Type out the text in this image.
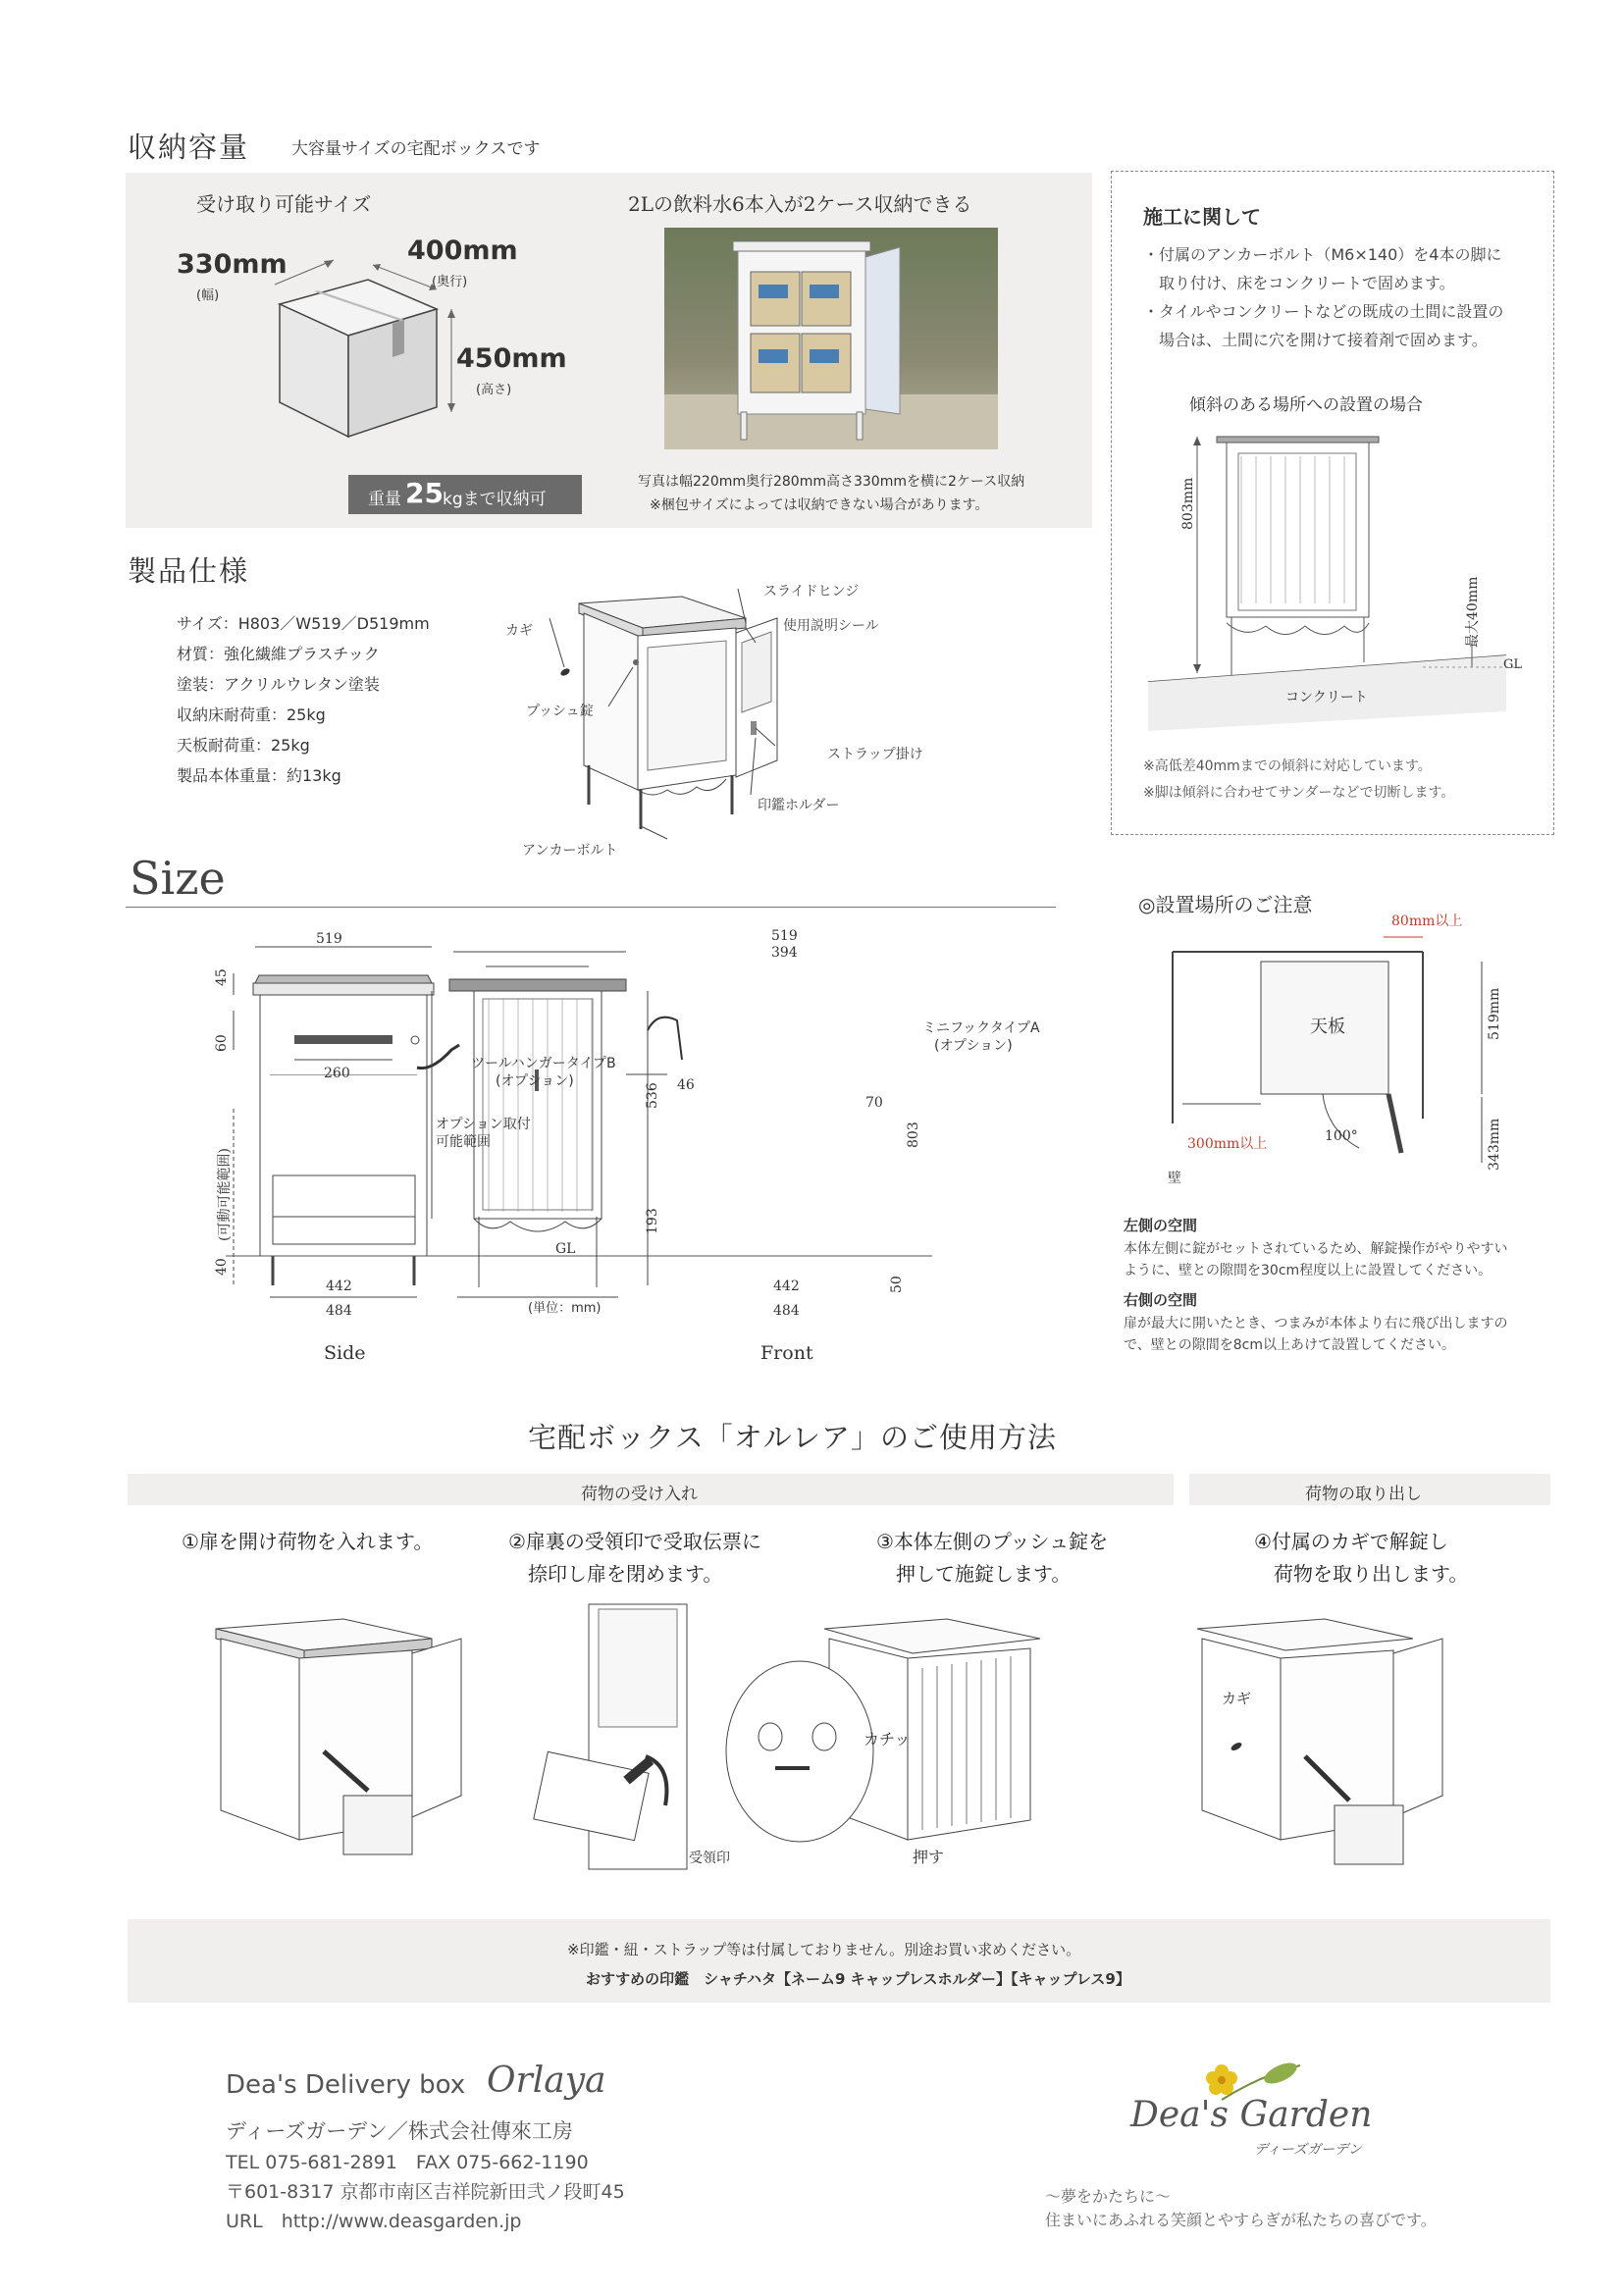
収納容量	大容量サイズの宅配ボックスです
受け取り可能サイズ
330mm
(幅)
400mm
(奥行)
450mm
(高さ)
重量 25 kgまで収納可
2Lの飲料水6本入が2ケース収納できる
写真は幅220mm奥行280mm高さ330mmを横に2ケース収納
※梱包サイズによっては収納できない場合があります。
施工に関して
・付属のアンカーボルト（M6×140）を4本の脚に
　取り付け、床をコンクリートで固めます。
・タイルやコンクリートなどの既成の土間に設置の
　場合は、土間に穴を開けて接着剤で固めます。
傾斜のある場所への設置の場合
803mm
最大40mm
GL
コンクリート
※高低差40mmまでの傾斜に対応しています。
※脚は傾斜に合わせてサンダーなどで切断します。
製品仕様
サイズ：H803／W519／D519mm
材質：強化繊維プラスチック
塗装：アクリルウレタン塗装
収納床耐荷重：25kg
天板耐荷重：25kg
製品本体重量：約13kg
スライドヒンジ
使用説明シール
カギ
プッシュ錠
ストラップ掛け
印鑑ホルダー
アンカーボルト
Size
519
45
60
260
(可動可能範囲)
40
442
484
GL
オプション取付
可能範囲
ツールハンガータイプB
(オプション)
ミニフックタイプA
(オプション)
519
394
46
70
536
193
803
442
484
50
(単位：mm)
Side	Front
◎設置場所のご注意
80mm以上
天板	519mm
343mm
300mm以上	100°
壁
左側の空間
本体左側に錠がセットされているため、解錠操作がやりやすい
ように、壁との隙間を30cm程度以上に設置してください。
右側の空間
扉が最大に開いたとき、つまみが本体より右に飛び出しますの
で、壁との隙間を8cm以上あけて設置してください。
宅配ボックス「オルレア」のご使用方法
荷物の受け入れ	荷物の取り出し
①扉を開け荷物を入れます。	②扉裏の受領印で受取伝票に
　捺印し扉を閉めます。
③本体左側のプッシュ錠を
　押して施錠します。
④付属のカギで解錠し
　荷物を取り出します。
受領印
カチッ
押す
カギ
※印鑑・紐・ストラップ等は付属しておりません。別途お買い求めください。
おすすめの印鑑　シャチハタ【ネーム9 キャップレスホルダー】【キャップレス9】
Dea's Delivery box Orlaya
ディーズガーデン／株式会社傳來工房
TEL 075-681-2891　FAX 075-662-1190
〒601-8317 京都市南区吉祥院新田弐ノ段町45
URL　http://www.deasgarden.jp
Dea's Garden
ディーズガーデン
〜夢をかたちに〜
住まいにあふれる笑顔とやすらぎが私たちの喜びです。
